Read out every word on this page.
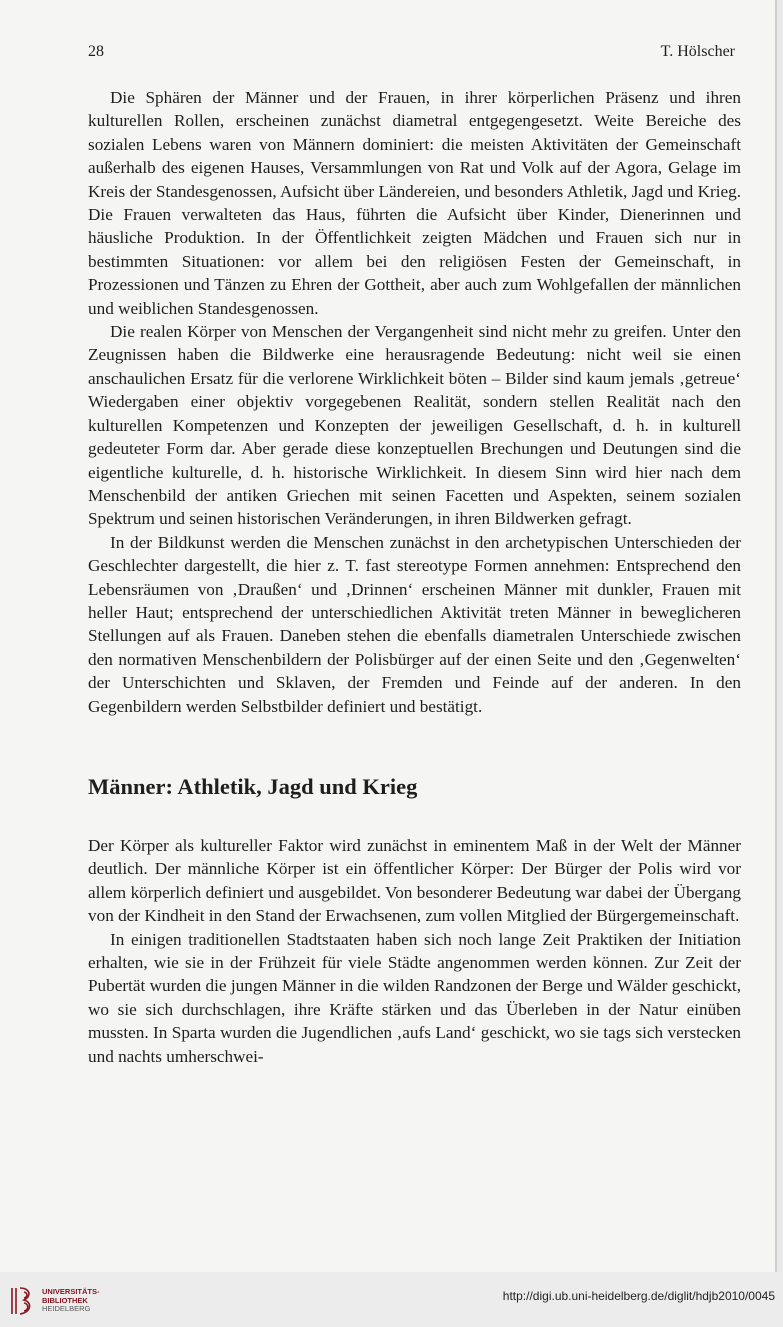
28	T. Hölscher

Die Sphären der Männer und der Frauen, in ihrer körperlichen Präsenz und ihren kulturellen Rollen, erscheinen zunächst diametral entgegengesetzt. Weite Bereiche des sozialen Lebens waren von Männern dominiert: die meisten Aktivitäten der Gemeinschaft außerhalb des eigenen Hauses, Versammlungen von Rat und Volk auf der Agora, Gelage im Kreis der Standesgenossen, Aufsicht über Ländereien, und besonders Athletik, Jagd und Krieg. Die Frauen verwalteten das Haus, führten die Aufsicht über Kinder, Dienerinnen und häusliche Produktion. In der Öffentlichkeit zeigten Mädchen und Frauen sich nur in bestimmten Situationen: vor allem bei den religiösen Festen der Gemeinschaft, in Prozessionen und Tänzen zu Ehren der Gottheit, aber auch zum Wohlgefallen der männlichen und weiblichen Standesgenossen.

Die realen Körper von Menschen der Vergangenheit sind nicht mehr zu greifen. Unter den Zeugnissen haben die Bildwerke eine herausragende Bedeutung: nicht weil sie einen anschaulichen Ersatz für die verlorene Wirklichkeit böten – Bilder sind kaum jemals ‚getreue‘ Wiedergaben einer objektiv vorgegebenen Realität, sondern stellen Realität nach den kulturellen Kompetenzen und Konzepten der jeweiligen Gesellschaft, d. h. in kulturell gedeuteter Form dar. Aber gerade diese konzeptuellen Brechungen und Deutungen sind die eigentliche kulturelle, d. h. historische Wirklichkeit. In diesem Sinn wird hier nach dem Menschenbild der antiken Griechen mit seinen Facetten und Aspekten, seinem sozialen Spektrum und seinen historischen Veränderungen, in ihren Bildwerken gefragt.

In der Bildkunst werden die Menschen zunächst in den archetypischen Unterschieden der Geschlechter dargestellt, die hier z. T. fast stereotype Formen annehmen: Entsprechend den Lebensräumen von ‚Draußen‘ und ‚Drinnen‘ erscheinen Männer mit dunkler, Frauen mit heller Haut; entsprechend der unterschiedlichen Aktivität treten Männer in beweglicheren Stellungen auf als Frauen. Daneben stehen die ebenfalls diametralen Unterschiede zwischen den normativen Menschenbildern der Polisbürger auf der einen Seite und den ‚Gegenwelten‘ der Unterschichten und Sklaven, der Fremden und Feinde auf der anderen. In den Gegenbildern werden Selbstbilder definiert und bestätigt.

Männer: Athletik, Jagd und Krieg

Der Körper als kultureller Faktor wird zunächst in eminentem Maß in der Welt der Männer deutlich. Der männliche Körper ist ein öffentlicher Körper: Der Bürger der Polis wird vor allem körperlich definiert und ausgebildet. Von besonderer Bedeutung war dabei der Übergang von der Kindheit in den Stand der Erwachsenen, zum vollen Mitglied der Bürgergemeinschaft.

In einigen traditionellen Stadtstaaten haben sich noch lange Zeit Praktiken der Initiation erhalten, wie sie in der Frühzeit für viele Städte angenommen werden können. Zur Zeit der Pubertät wurden die jungen Männer in die wilden Randzonen der Berge und Wälder geschickt, wo sie sich durchschlagen, ihre Kräfte stärken und das Überleben in der Natur einüben mussten. In Sparta wurden die Jugendlichen ‚aufs Land‘ geschickt, wo sie tags sich verstecken und nachts umherschwei-

UNIVERSITÄTS-
BIBLIOTHEK
HEIDELBERG
http://digi.ub.uni-heidelberg.de/diglit/hdjb2010/0045
